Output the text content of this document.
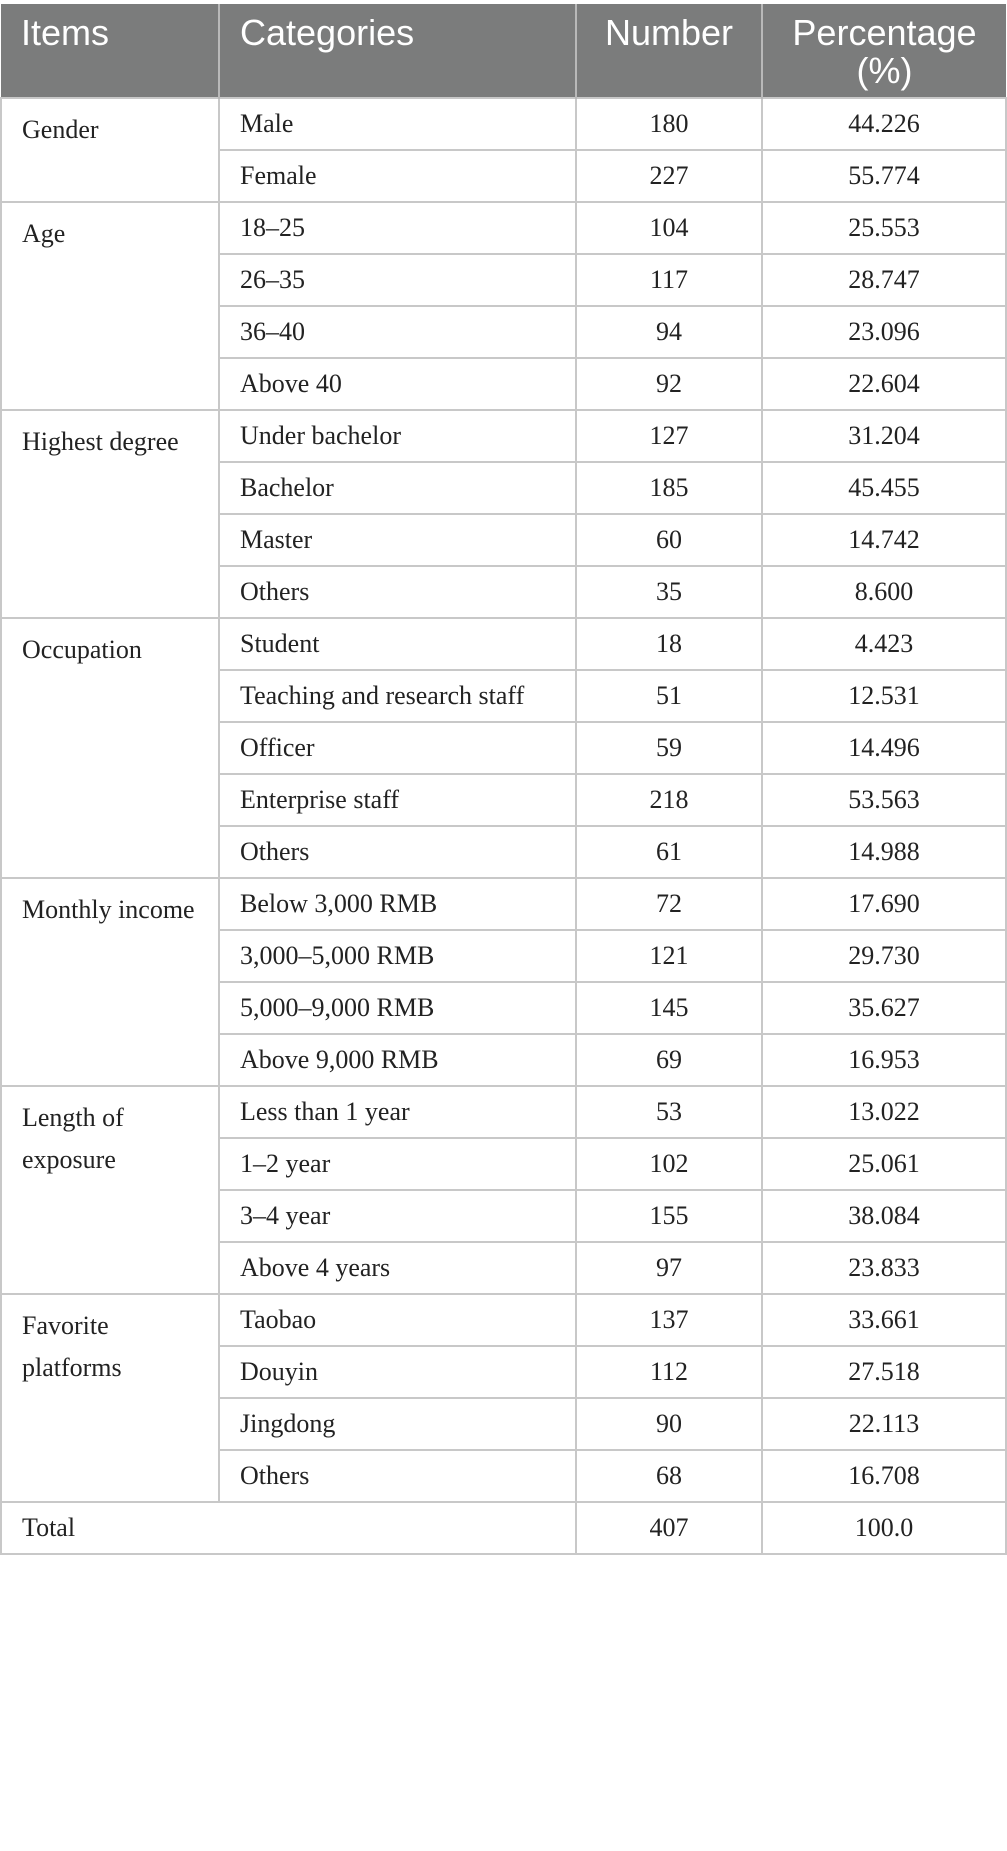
Items	Categories	Number	Percentage (%)
Gender	Male	180	44.226
	Female	227	55.774
Age	18–25	104	25.553
	26–35	117	28.747
	36–40	94	23.096
	Above 40	92	22.604
Highest degree	Under bachelor	127	31.204
	Bachelor	185	45.455
	Master	60	14.742
	Others	35	8.600
Occupation	Student	18	4.423
	Teaching and research staff	51	12.531
	Officer	59	14.496
	Enterprise staff	218	53.563
	Others	61	14.988
Monthly income	Below 3,000 RMB	72	17.690
	3,000–5,000 RMB	121	29.730
	5,000–9,000 RMB	145	35.627
	Above 9,000 RMB	69	16.953
Length of exposure	Less than 1 year	53	13.022
	1–2 year	102	25.061
	3–4 year	155	38.084
	Above 4 years	97	23.833
Favorite platforms	Taobao	137	33.661
	Douyin	112	27.518
	Jingdong	90	22.113
	Others	68	16.708
Total		407	100.0
